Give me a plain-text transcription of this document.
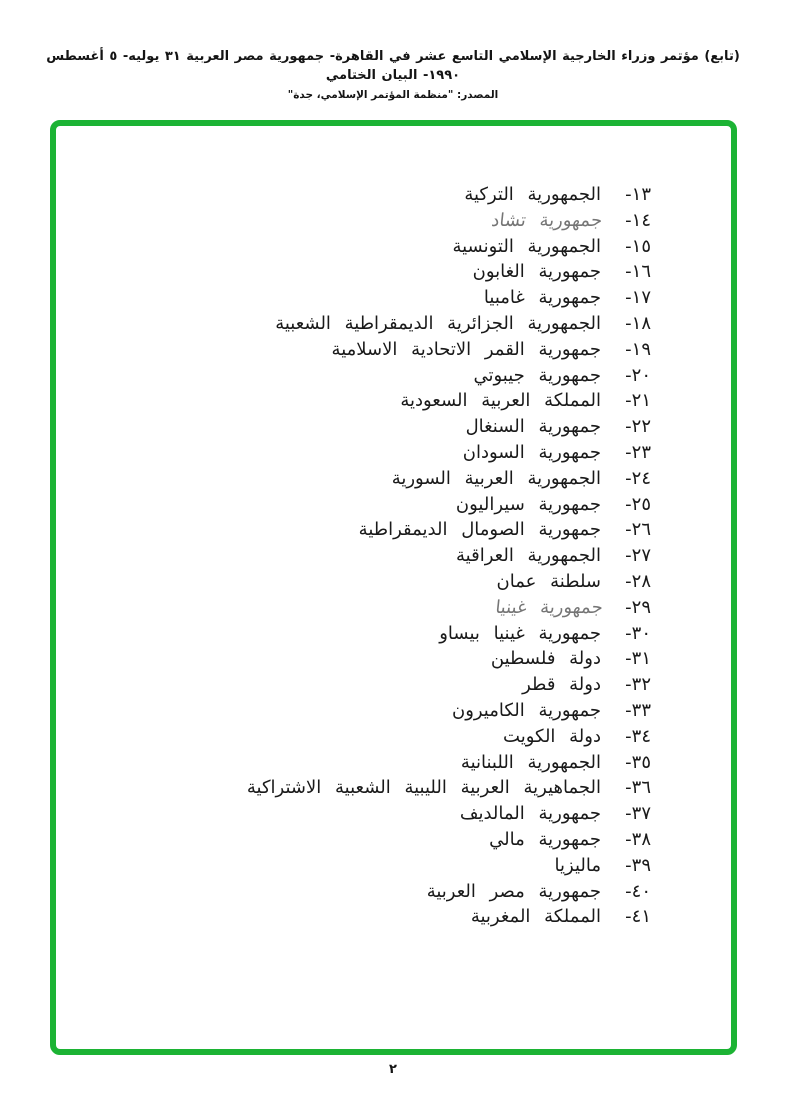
(تابع) مؤتمر وزراء الخارجية الإسلامي التاسع عشر في القاهرة- جمهورية مصر العربية ٣١ يوليه- ٥ أغسطس ١٩٩٠- البيان الختامي
المصدر: "منظمة المؤتمر الإسلامي، جدة"
١٣-
الجمهورية التركية
١٤-
جمهورية تشاد
١٥-
الجمهورية التونسية
١٦-
جمهورية الغابون
١٧-
جمهورية غامبيا
١٨-
الجمهورية الجزائرية الديمقراطية الشعبية
١٩-
جمهورية القمر الاتحادية الاسلامية
٢٠-
جمهورية جيبوتي
٢١-
المملكة العربية السعودية
٢٢-
جمهورية السنغال
٢٣-
جمهورية السودان
٢٤-
الجمهورية العربية السورية
٢٥-
جمهورية سيراليون
٢٦-
جمهورية الصومال الديمقراطية
٢٧-
الجمهورية العراقية
٢٨-
سلطنة عمان
٢٩-
جمهورية غينيا
٣٠-
جمهورية غينيا بيساو
٣١-
دولة فلسطين
٣٢-
دولة قطر
٣٣-
جمهورية الكاميرون
٣٤-
دولة الكويت
٣٥-
الجمهورية اللبنانية
٣٦-
الجماهيرية العربية الليبية الشعبية الاشتراكية
٣٧-
جمهورية المالديف
٣٨-
جمهورية مالي
٣٩-
ماليزيا
٤٠-
جمهورية مصر العربية
٤١-
المملكة المغربية
٢
